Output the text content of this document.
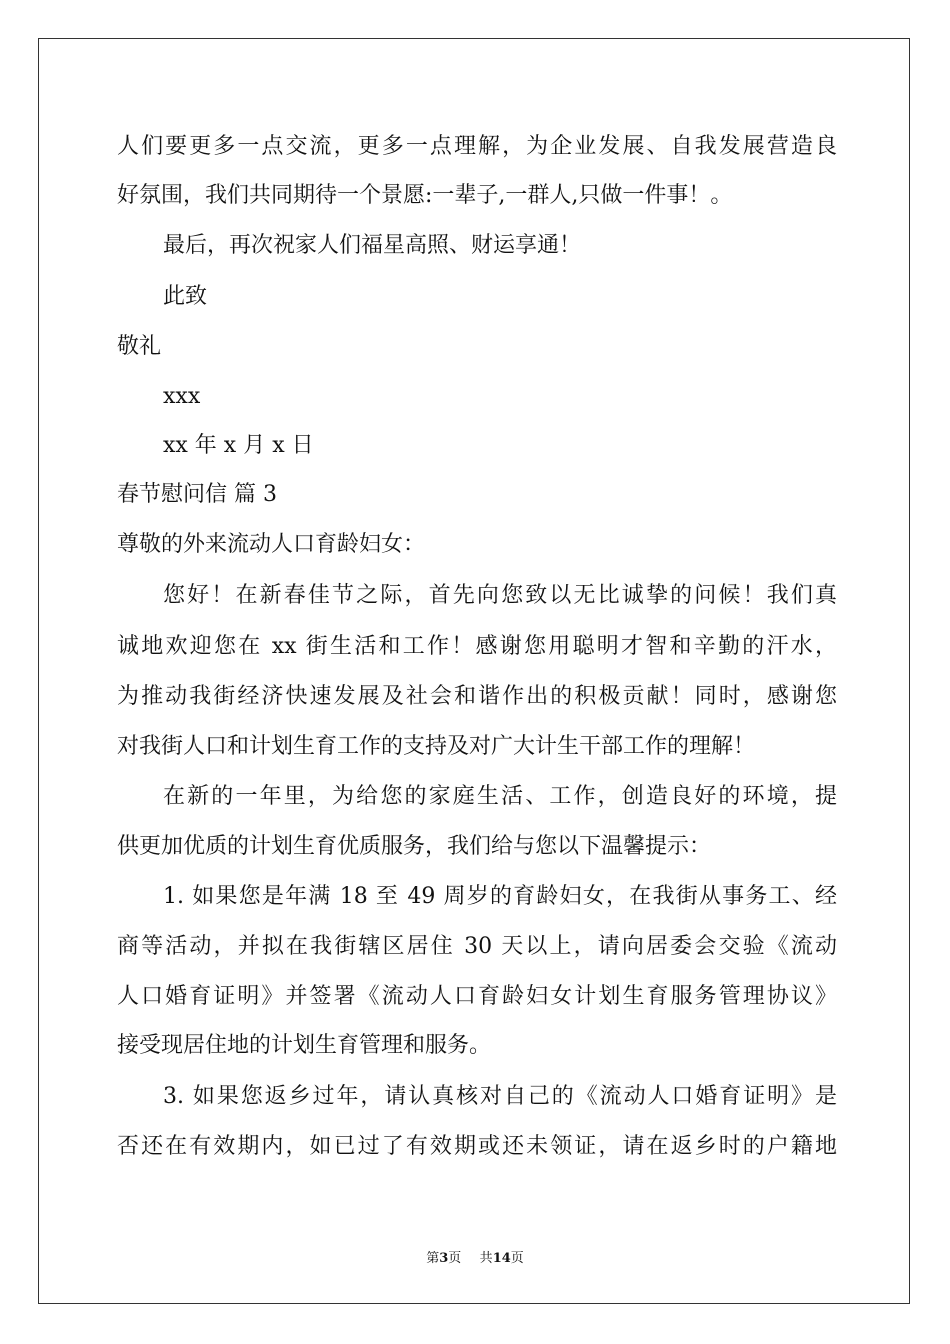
人们要更多一点交流，更多一点理解，为企业发展、自我发展营造良
好氛围，我们共同期待一个景愿:一辈子,一群人,只做一件事！。
最后，再次祝家人们福星高照、财运享通！
此致
敬礼
xxx
xx 年 x 月 x 日
春节慰问信 篇 3
尊敬的外来流动人口育龄妇女：
您好！在新春佳节之际，首先向您致以无比诚挚的问候！我们真
诚地欢迎您在 xx 街生活和工作！感谢您用聪明才智和辛勤的汗水，
为推动我街经济快速发展及社会和谐作出的积极贡献！同时，感谢您
对我街人口和计划生育工作的支持及对广大计生干部工作的理解！
在新的一年里，为给您的家庭生活、工作，创造良好的环境，提
供更加优质的计划生育优质服务，我们给与您以下温馨提示：
1. 如果您是年满 18 至 49 周岁的育龄妇女，在我街从事务工、经
商等活动，并拟在我街辖区居住 30 天以上，请向居委会交验《流动
人口婚育证明》并签署《流动人口育龄妇女计划生育服务管理协议》
接受现居住地的计划生育管理和服务。
3. 如果您返乡过年，请认真核对自己的《流动人口婚育证明》是
否还在有效期内，如已过了有效期或还未领证，请在返乡时的户籍地
第3页 共14页
